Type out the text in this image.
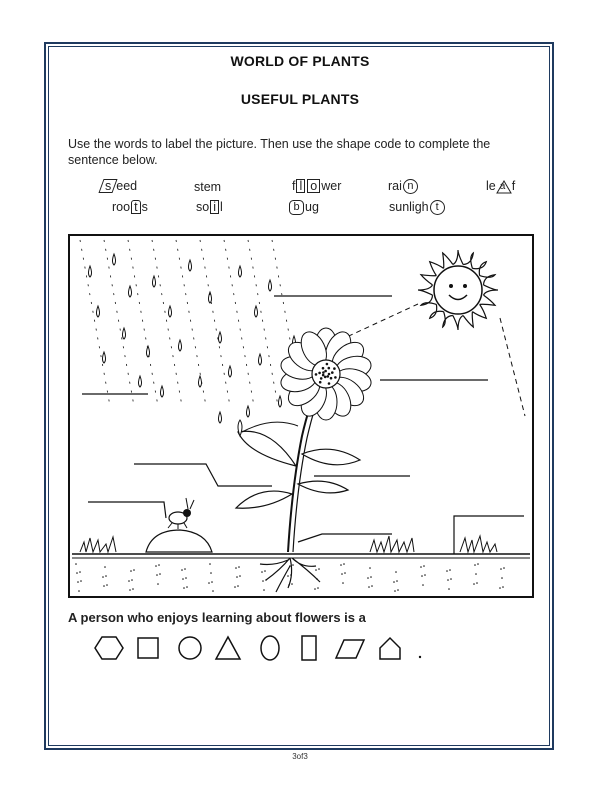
WORLD OF PLANTS
USEFUL PLANTS
Use the words to label the picture. Then use the shape code to complete the sentence below.
s eed	stem	f l o wer	rai n	le a f
roo t s	so i l	b ug	sunligh t
A person who enjoys learning about flowers is a
3of3
